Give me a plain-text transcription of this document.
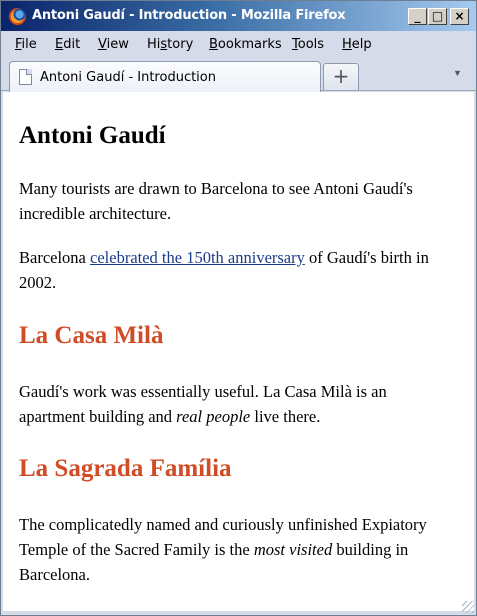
Antoni Gaudí - Introduction - Mozilla Firefox	_ □ ×
File Edit View History Bookmarks Tools Help
Antoni Gaudí - Introduction	+	▼
Antoni Gaudí

Many tourists are drawn to Barcelona to see Antoni Gaudí's incredible architecture.

Barcelona celebrated the 150th anniversary of Gaudí's birth in 2002.

La Casa Milà

Gaudí's work was essentially useful. La Casa Milà is an apartment building and real people live there.

La Sagrada Família

The complicatedly named and curiously unfinished Expiatory Temple of the Sacred Family is the most visited building in Barcelona.
